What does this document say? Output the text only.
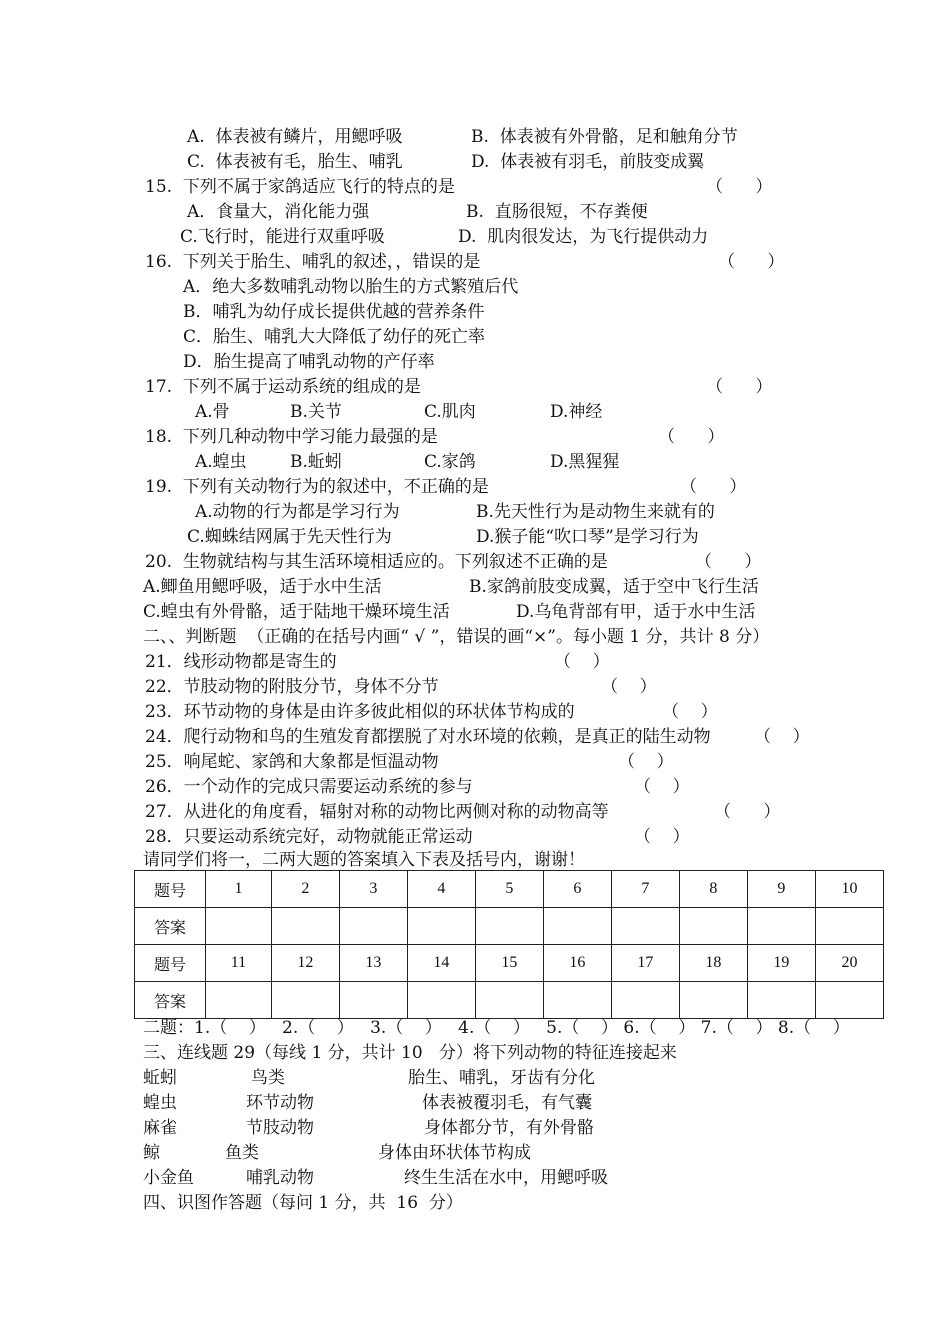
A.  体表被有鳞片，用鳃呼吸	B.  体表被有外骨骼，足和触角分节
C.  体表被有毛，胎生、哺乳	D.  体表被有羽毛，前肢变成翼
15.  下列不属于家鸽适应飞行的特点的是	（      ）
A．食量大，消化能力强	B.  直肠很短，不存粪便
C.飞行时，能进行双重呼吸	D.  肌肉很发达，为飞行提供动力
16.  下列关于胎生、哺乳的叙述，，错误的是	（      ）
A．绝大多数哺乳动物以胎生的方式繁殖后代
B．哺乳为幼仔成长提供优越的营养条件
C．胎生、哺乳大大降低了幼仔的死亡率
D．胎生提高了哺乳动物的产仔率
17.  下列不属于运动系统的组成的是	（      ）
A.骨	B.关节	C.肌肉	D.神经
18.  下列几种动物中学习能力最强的是	（      ）
A.蝗虫	B.蚯蚓	C.家鸽	D.黑猩猩
19.  下列有关动物行为的叙述中，不正确的是	（      ）
A.动物的行为都是学习行为	B.先天性行为是动物生来就有的
C.蜘蛛结网属于先天性行为	D.猴子能“吹口琴”是学习行为
20.  生物就结构与其生活环境相适应的。下列叙述不正确的是	（      ）
A.鲫鱼用鳃呼吸，适于水中生活	B.家鸽前肢变成翼，适于空中飞行生活
C.蝗虫有外骨骼，适于陆地干燥环境生活	D.乌龟背部有甲，适于水中生活
二、、判断题  （正确的在括号内画“ √ ”，错误的画“×”。每小题 1 分，共计 8 分）
21．线形动物都是寄生的	（    ）
22．节肢动物的附肢分节，身体不分节	（    ）
23．环节动物的身体是由许多彼此相似的环状体节构成的	（    ）
24．爬行动物和鸟的生殖发育都摆脱了对水环境的依赖，是真正的陆生动物	（    ）
25．响尾蛇、家鸽和大象都是恒温动物	（    ）
26．一个动作的完成只需要运动系统的参与	（    ）
27．从进化的角度看，辐射对称的动物比两侧对称的动物高等	（      ）
28．只要运动系统完好，动物就能正常运动	（    ）
请同学们将一，二两大题的答案填入下表及括号内，谢谢！
题号	1	2	3	4	5	6	7	8	9	10
答案										
题号	11	12	13	14	15	16	17	18	19	20
答案										
二题：1.（    ）   2.（    ）   3.（    ）   4.（    ）   5.（    ） 6.（    ） 7.（    ） 8.（    ）
三、连线题 29（每线 1 分，共计 10   分）将下列动物的特征连接起来
蚯蚓	鸟类	胎生、哺乳，牙齿有分化
蝗虫	环节动物	体表被覆羽毛，有气囊
麻雀	节肢动物	身体都分节，有外骨骼
鲸	鱼类	身体由环状体节构成
小金鱼	哺乳动物	终生生活在水中，用鳃呼吸
四、识图作答题（每问 1 分，共  16  分）
